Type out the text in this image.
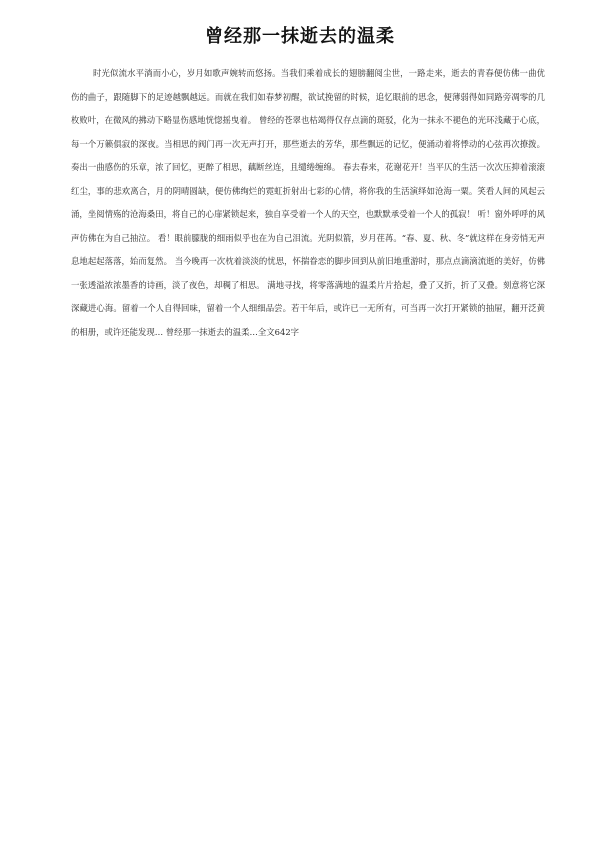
曾经那一抹逝去的温柔

时光似流水平淌而小心，岁月如歌声婉转而悠扬。当我们乘着成长的翅膀翻阅尘世，一路走来，逝去的青春便仿佛一曲优伤的曲子，跟随脚下的足迹越飘越远。而就在我们如春梦初醒，欲试挽留的时候，追忆眼前的思念，便薄弱得如同路旁凋零的几枚败叶，在微风的拂动下略显伤感地恍惚摇曳着。 曾经的苍翠也枯竭得仅存点滴的斑驳，化为一抹永不褪色的光环浅藏于心底，每一个万籁俱寂的深夜。当相思的阀门再一次无声打开，那些逝去的芳华，那些飘远的记忆，便涌动着将悸动的心弦再次撩拨。奏出一曲感伤的乐章，浓了回忆，更醉了相思，藕断丝连，且缱绻缠绵。 春去春来，花谢花开！当平仄的生活一次次压抑着滚滚红尘，事的悲欢离合，月的阴晴圆缺，便仿佛绚烂的霓虹折射出七彩的心情，将你我的生活演绎如沧海一粟。笑看人间的风起云涌，坐阅情殇的沧海桑田，将自己的心扉紧锁起来，独自享受着一个人的天空，也默默承受着一个人的孤寂！ 听！窗外呼呼的风声仿佛在为自己抽泣。 看！眼前朦胧的细雨似乎也在为自己泪流。光阴似箭，岁月荏苒。“春、夏、秋、冬”就这样在身旁悄无声息地起起落落，始而复然。 当今晚再一次枕着淡淡的忧思，怀揣眷恋的脚步回到从前旧地重游时，那点点滴滴流逝的美好，仿佛一张透溢浓浓墨香的诗画，淡了夜色，却稠了相思。 满地寻找，将零落满地的温柔片片拾起，叠了又折，折了又叠。刻意将它深深藏进心海。留着一个人自得回味，留着一个人细细品尝。若干年后，或许已一无所有，可当再一次打开紧锁的抽屉，翻开泛黄的相册，或许还能发现… 曾经那一抹逝去的温柔…全文642字
